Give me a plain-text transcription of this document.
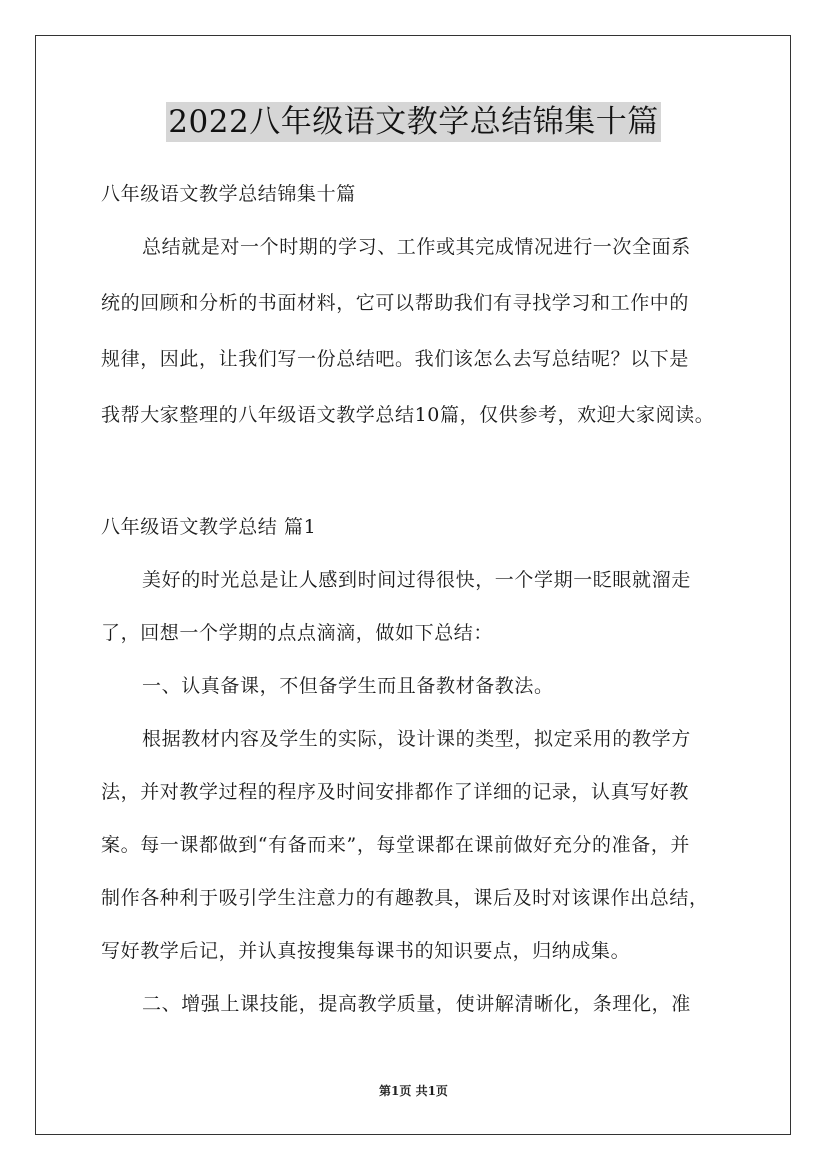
2022八年级语文教学总结锦集十篇

八年级语文教学总结锦集十篇

总结就是对一个时期的学习、工作或其完成情况进行一次全面系

统的回顾和分析的书面材料，它可以帮助我们有寻找学习和工作中的

规律，因此，让我们写一份总结吧。我们该怎么去写总结呢？以下是

我帮大家整理的八年级语文教学总结10篇，仅供参考，欢迎大家阅读。

八年级语文教学总结 篇1

美好的时光总是让人感到时间过得很快，一个学期一眨眼就溜走

了，回想一个学期的点点滴滴，做如下总结：

一、认真备课，不但备学生而且备教材备教法。

根据教材内容及学生的实际，设计课的类型，拟定采用的教学方

法，并对教学过程的程序及时间安排都作了详细的记录，认真写好教

案。每一课都做到“有备而来”，每堂课都在课前做好充分的准备，并

制作各种利于吸引学生注意力的有趣教具，课后及时对该课作出总结，

写好教学后记，并认真按搜集每课书的知识要点，归纳成集。

二、增强上课技能，提高教学质量，使讲解清晰化，条理化，准

第1页 共1页
